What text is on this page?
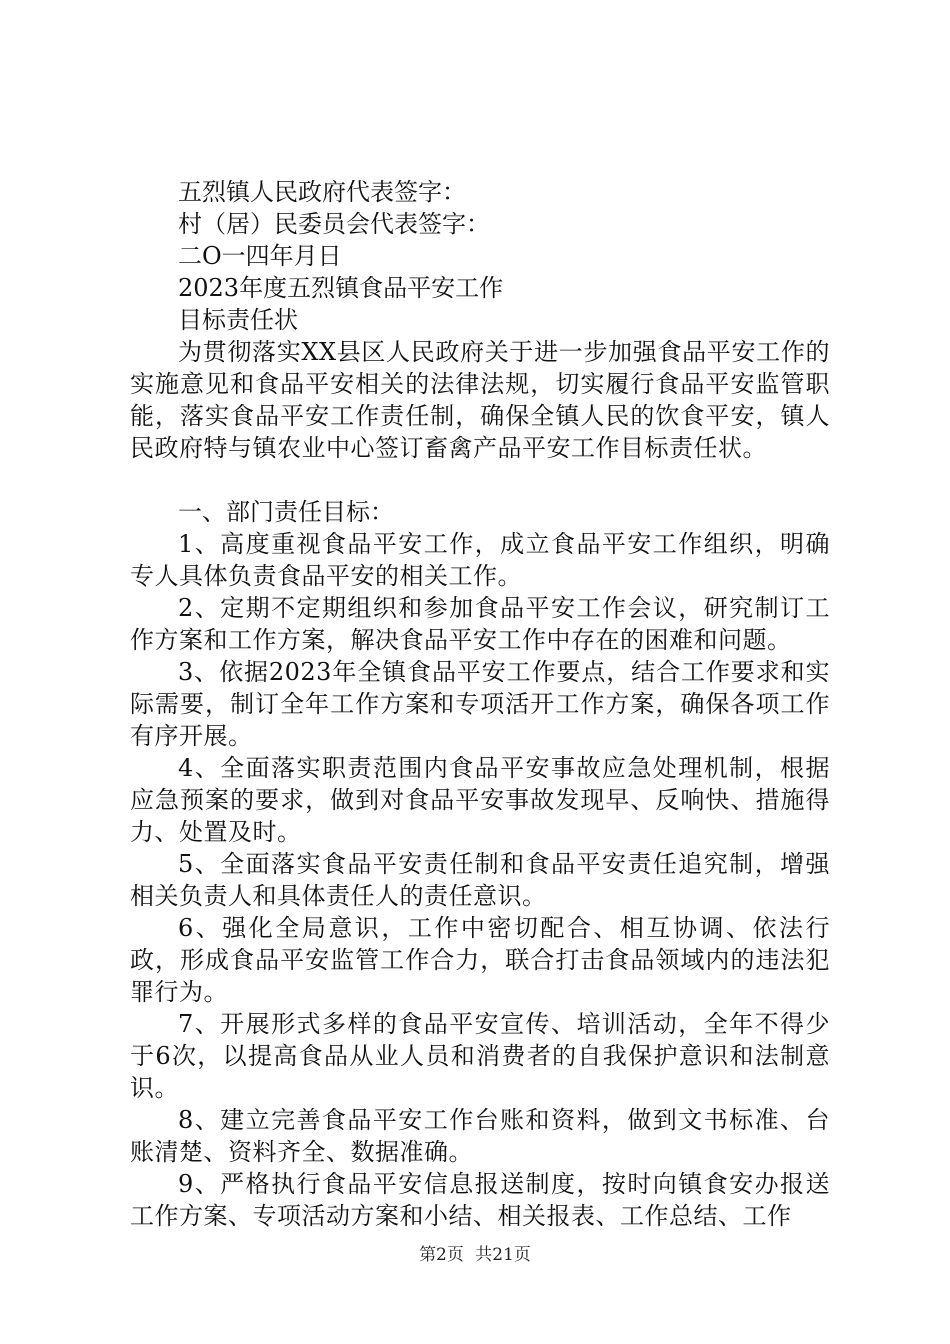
五烈镇人民政府代表签字：

村（居）民委员会代表签字：

二O一四年月日

2023年度五烈镇食品平安工作

目标责任状

为贯彻落实XX县区人民政府关于进一步加强食品平安工作的实施意见和食品平安相关的法律法规，切实履行食品平安监管职能，落实食品平安工作责任制，确保全镇人民的饮食平安，镇人民政府特与镇农业中心签订畜禽产品平安工作目标责任状。

一、部门责任目标：

1、高度重视食品平安工作，成立食品平安工作组织，明确专人具体负责食品平安的相关工作。

2、定期不定期组织和参加食品平安工作会议，研究制订工作方案和工作方案，解决食品平安工作中存在的困难和问题。

3、依据2023年全镇食品平安工作要点，结合工作要求和实际需要，制订全年工作方案和专项活开工作方案，确保各项工作有序开展。

4、全面落实职责范围内食品平安事故应急处理机制，根据应急预案的要求，做到对食品平安事故发现早、反响快、措施得力、处置及时。

5、全面落实食品平安责任制和食品平安责任追究制，增强相关负责人和具体责任人的责任意识。

6、强化全局意识，工作中密切配合、相互协调、依法行政，形成食品平安监管工作合力，联合打击食品领域内的违法犯罪行为。

7、开展形式多样的食品平安宣传、培训活动，全年不得少于6次，以提高食品从业人员和消费者的自我保护意识和法制意识。

8、建立完善食品平安工作台账和资料，做到文书标准、台账清楚、资料齐全、数据准确。

9、严格执行食品平安信息报送制度，按时向镇食安办报送工作方案、专项活动方案和小结、相关报表、工作总结、工作

第2页 共21页
